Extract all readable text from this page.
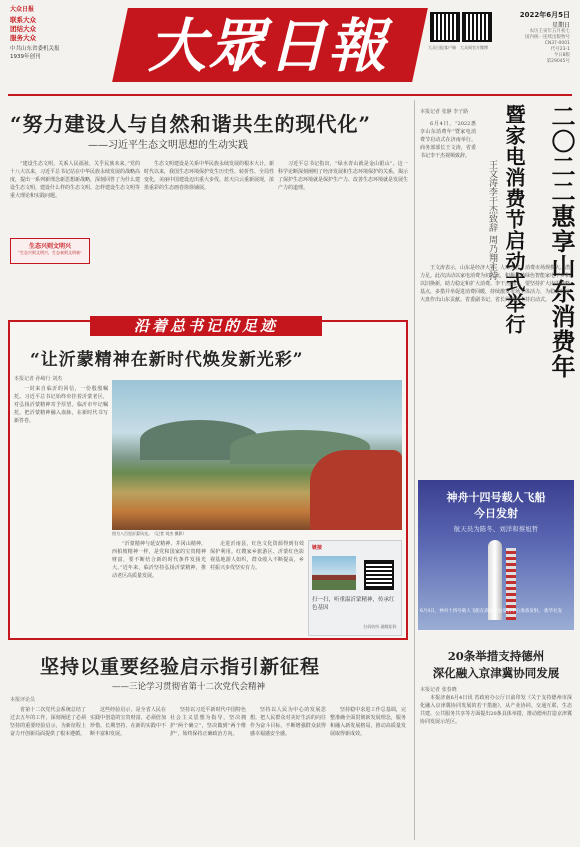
大众日报
联系大众
团结大众
服务大众
中共山东省委机关报
1939年创刊	大眾日報	大众日报客户端 大众网官方微博
2022年6月5日
星期日
农历壬寅年五月初七
国内统一连续出版物号
CN37-0001
代号23-1
今日8版
第29045号
“努力建设人与自然和谐共生的现代化”
——习近平生态文明思想的生动实践
“建设生态文明，关系人民福祉，关乎民族未来。”党的十八大以来，习近平总书记站在中华民族永续发展的战略高度，提出一系列新理念新思想新战略，深刻回答了为什么建设生态文明、建设什么样的生态文明、怎样建设生态文明等重大理论和实践问题。
生态文明建设是关系中华民族永续发展的根本大计。新时代以来，我国生态环境保护发生历史性、转折性、全局性变化，美丽中国建设迈出重大步伐。蓝天白云重新展现，浓墨重彩的生态画卷徐徐铺展。
习近平总书记指出，“绿水青山就是金山银山”。这一科学论断深刻阐明了经济发展和生态环境保护的关系，揭示了保护生态环境就是保护生产力、改善生态环境就是发展生产力的道理。
生态兴则文明兴
“生态兴则文明兴，生态衰则文明衰”
沿着总书记的足迹
“让沂蒙精神在新时代焕发新光彩”
本报记者 孙崎行 刘杰
一封来自临沂的回信，一份殷殷嘱托。习近平总书记始终牵挂着沂蒙老区，对弘扬沂蒙精神寄予厚望。临沂市牢记嘱托，把沂蒙精神融入血脉，在新时代书写新答卷。
图为八百里沂蒙风光。（记者 刘杰 摄影）
“沂蒙精神与延安精神、井冈山精神、西柏坡精神一样，是党和国家的宝贵精神财富，要不断结合新的时代条件发扬光大。”近年来，临沂坚持弘扬沂蒙精神，推动老区高质量发展。
走进沂南县，红色文化资源得到有效保护利用。红嫂家乡旅游区、沂蒙红色影视基地游人如织，群众收入不断提高，乡村振兴步伐坚实有力。
链接
扫一扫，听重温沂蒙精神，传承红色基因
扫码收听 融媒矩阵
坚持以重要经验启示指引新征程
——三论学习贯彻省第十二次党代会精神
本报评论员
省第十二次党代会系统总结了过去五年的工作，深刻阐述了必须坚持的重要经验启示，为新征程上奋力开创新局面提供了根本遵循。
这些经验启示，是全省人民在实践中创造的宝贵财富，必须倍加珍惜、长期坚持，在新的实践中不断丰富和发展。
坚持以习近平新时代中国特色社会主义思想为指导，坚决拥护“两个确立”，坚决做到“两个维护”，始终保持正确政治方向。
坚持以人民为中心的发展思想，把人民群众对美好生活的向往作为奋斗目标，不断增强群众获得感幸福感安全感。
坚持稳中求进工作总基调，完整准确全面贯彻新发展理念，服务和融入新发展格局，推动高质量发展取得新成效。
二〇二二惠享山东消费年
暨家电消费节启动式举行
王文涛李干杰致辞 周乃翔主持
本报记者 张静 李子路
6月4日，“2022惠享山东消费年”暨家电消费节启动式在济南举行。商务部部长王文涛，省委书记李干杰视频致辞。
王文涛表示，山东是经济大省、人口大省，消费市场规模大、潜力足。此次活动以家电消费为切入点，积极推动绿色智能家电下乡和以旧换新，助力稳定和扩大消费。李干杰指出，要坚持扩大内需战略基点，多措并举促进消费回暖，持续激发市场主体活力，为稳定经济大盘作出山东贡献。省委副书记、省长周乃翔主持启动式。
神舟十四号载人飞船
今日发射
航天员为陈冬、刘洋和蔡旭哲
6月4日，神舟十四号载人飞船在酒泉卫星发射中心准备发射。 新华社发
20条举措支持德州
深化融入京津冀协同发展
本报记者 张春晓
本报济南6月4日讯 省政府办公厅日前印发《关于支持德州市深化融入京津冀协同发展的若干措施》，从产业协同、交通互联、生态共建、公共服务共享等方面提出20条具体举措，推动德州打造京津冀协同发展示范区。
